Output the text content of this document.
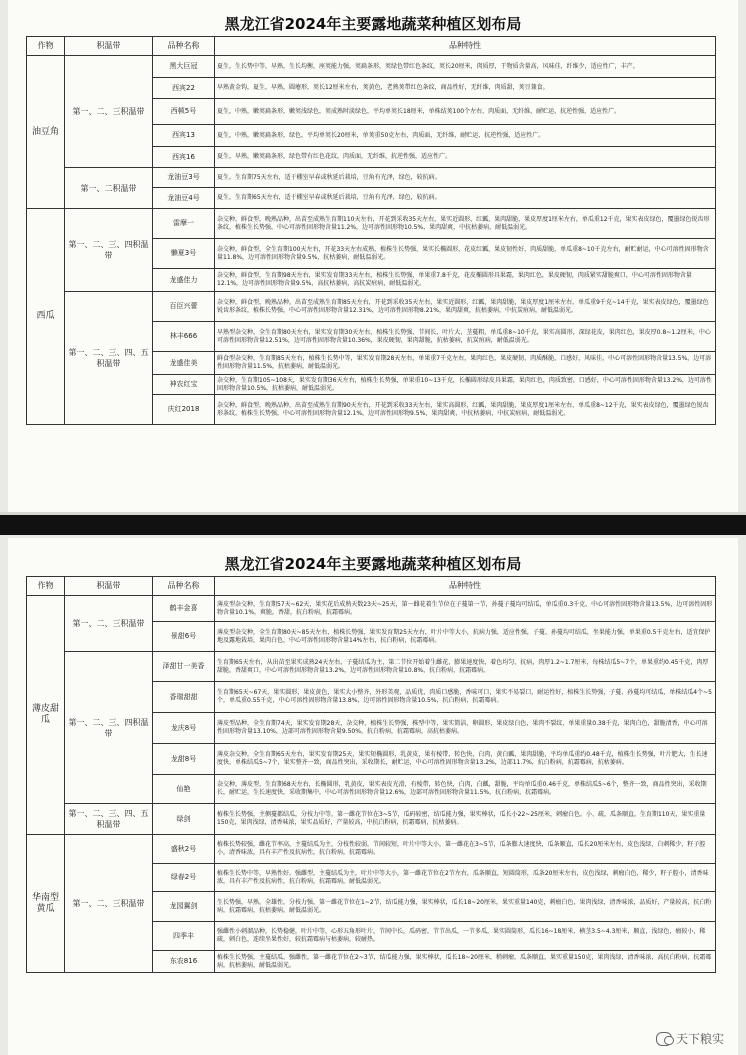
黑龙江省2024年主要露地蔬菜种植区划布局
作物	积温带	品种名称	品种特性
油豆角	第一、二、三积温带	黑大巨冠	夏生，生长势中等，早熟，生长均衡，座荚能力强，荚扁条形，荚绿色带红色条纹，荚长20厘米，肉质厚，干物质含量高，风味佳，纤维少，适应性广，丰产。
		西宾22	早熟黄金钩，夏生，早熟，圆瘪形，荚长12厘米左右，荚黄色，老熟荚带红色条纹，商品性好，无纤维，肉质甜，荚豆兼食。
		西顿5号	夏生，中熟，嫩荚扁条形，嫩荚浅绿色，荚成熟时淡绿色，平均单荚长18厘米，单株结荚100个左右，肉质面，无纤维，耐贮运，抗逆性强，适应性广。
		西宾13	夏生，中熟，嫩荚扁条形，绿色，平均单荚长20厘米，单荚重50克左右，肉质面，无纤维，耐贮运，抗逆性强，适应性广。
		西宾16	夏生，早熟，嫩荚扁条形，绿色带有红色花纹，肉质面，无纤维，抗逆性强，适应性广。
	第一、二积温带	龙油豆3号	夏生，生育期75天左右，适于棚室早春或秋延后栽培，豆角有光泽，绿色，较抗病。
		龙油豆4号	夏生，生育期65天左右，适于棚室早春或秋延后栽培，豆角有光泽，绿色，较抗病。
西瓜	第一、二、三、四积温带	雷摩一	杂交种，鲜食型，晚熟品种，出苗至成熟生育期110天左右，开花到采收35天左右，果实近圆形，红瓤，果肉甜脆，果皮厚度1厘米左右，单瓜重12千克，果实表皮绿色，覆墨绿色锐齿形条纹，植株生长势强，中心可溶性固形物含量11.2%，边可溶性固形物10.5%，果肉甜爽，中抗枯萎病，耐低温弱光。
		懒夏3号	杂交种，鲜食型，全生育期100天左右，开花33天左右成熟，植株生长势强，果实长椭圆形，花皮红瓤，果皮韧性好，肉质甜脆，单瓜重8~10千克左右，耐贮耐运，中心可溶性固形物含量11.8%，边可溶性固形物含量9.5%，抗枯萎病，耐低温弱光。
		龙盛佳力	杂交种，鲜食型，生育期98天左右，果实发育期33天左右，植株生长势强，单果重7.8千克，花皮椭圆形具果霜，果肉红色，果皮硬韧，肉质紧实甜脆爽口，中心可溶性固形物含量12.1%，边可溶性固形物含量9.5%，高抗枯萎病，高抗炭疽病，耐低温弱光。
	第一、二、三、四、五积温带	百臣兴蕾	杂交种，鲜食型，晚熟品种，出苗至成熟生育期85天左右，开花到采收35天左右，果实近圆形，红瓤，果肉甜脆，果皮厚度1厘米左右，单瓜重9千克~14千克，果实表皮绿色，覆墨绿色锐齿形条纹，植株长势强，中心可溶性固形物含量12.31%，边可溶性固形物8.21%，果肉甜爽，抗枯萎病，中抗炭疽病，耐低温弱光。
		林丰666	早熟型杂交种，全生育期80天左右，果实发育期30天左右，植株生长势强，节间长，叶片大，茎蔓粗，单瓜重8~10千克，果实高圆形，深绿花皮，果肉红色，果皮厚0.8~1.2厘米，中心可溶性固形物含量12.51%，边可溶性固形物含量10.36%，果皮硬韧，果肉甜脆，抗枯萎病，抗炭疽病，耐低温弱光。
		龙盛佳美	鲜食型杂交种，生育期85天左右，植株生长势中等，果实发育期28天左右，单果重7千克左右，果肉红色，果皮硬韧，肉质酥脆，口感好，风味佳，中心可溶性固形物含量13.5%，边可溶性固形物含量11.5%，抗枯萎病，耐低温弱光。
		神农红宝	杂交种，生育期105~108天，果实发育期36天左右，植株生长势强，单果重10~13千克，长椭圆形绿皮具果霜，果肉红色，肉质致密，口感好，中心可溶性固形物含量13.2%，边可溶性固形物含量10.5%，抗枯萎病，耐低温弱光。
		庆红2018	杂交种，鲜食型，晚熟品种，出苗至成熟生育期90天左右，开花到采收33天左右，果实高圆形，红瓤，果肉甜脆，果皮厚度1厘米左右，单瓜重8~12千克，果实表皮绿色，覆墨绿色锐齿形条纹，植株生长势强，中心可溶性固形物含量12.1%，边可溶性固形物9.5%，果肉甜爽，中抗枯萎病，中抗炭疽病，耐低温弱光。
黑龙江省2024年主要露地蔬菜种植区划布局
作物	积温带	品种名称	品种特性
薄皮甜瓜	第一、二、三积温带	鹤丰金喜	薄皮型杂交种，生育期57天~62天，果实花后成熟天数23天~25天，第一雌花着生节位在子蔓第一节，孙蔓子蔓均可结瓜，单瓜重0.3千克，中心可溶性固形物含量13.5%，边可溶性固形物含量10.1%，爽脆，香甜，抗白粉病，抗霜霉病。
		景甜6号	薄皮型杂交种，全生育期80天~85天左右，植株长势强，果实发育期25天左右，叶片中等大小，抗病力强，适应性强，子蔓、孙蔓均可结瓜，坐果能力强，单果重0.5千克左右，适宜保护地及露地栽培，果肉白色，中心可溶性固形物含量14%左右，抗白粉病，抗霜霉病。
	第一、二、三、四积温带	泽甜甘一美香	生育期65天左右，从出苗至果实成熟24天左右，子蔓结瓜为主，第二节位开始着生雌花，膨果速度快，着色均匀，抗病，肉厚1.2~1.7厘米，每株结瓜5~7个，单果重约0.45千克，肉厚甜脆，香甜爽口，中心可溶性固形物含量13.2%，边可溶性固形物含量10.8%，抗白粉病，抗霜霉病。
		香瑞甜甜	生育期65天~67天，果实圆形，果皮黄色，果实大小整齐，外形美观，品质优，肉质口感脆，香味可口，果实不易裂口，耐运性好，植株生长势强，子蔓、孙蔓均可结瓜，单株结瓜4个~5个，单瓜重0.55千克，中心可溶性固形物含量13.8%，边可溶性固形物含量10.5%，抗白粉病，抗霜霉病。
		龙庆8号	薄皮型品种，全生育期74天，果实发育期28天，杂交种，植株生长势强，株型中等，果实简洁，卵圆形，果皮绿白色，果肉不裂纹，单果重量0.38千克，果肉白色，甜脆清香，中心可溶性固形物含量13.10%，边部可溶性固形物含量9.50%，抗白粉病，抗霜霉病，高抗枯萎病。
		龙甜8号	薄皮杂交种，全生育期65天左右，果实发育期25天，果实短椭圆形，乳黄皮，果有棱带，转色快，白肉，黄白瓤，果肉甜脆，平均单瓜重约0.48千克，植株生长势强，叶片肥大，生长速度快，单株结瓜5~7个，果实整齐一致，商品性突出，采收期长，耐贮运，中心可溶性固形物含量13.2%，边部11.7%，抗白粉病，抗霜霉病，抗枯萎病。
		仙艳	杂交种，薄皮型，生育期68天左右，长椭圆形，乳黄皮，果实表皮光滑，有棱带，转色快，白肉，白瓤，甜脆，平均单瓜重0.46千克，单株结瓜5~6个，整齐一致，商品性突出，采收期长，耐贮运，生长速度快，采收期集中，中心可溶性固形物含量12.6%，边部可溶性固形物含量11.5%，抗白粉病，抗霜霉病。
	第一、二、三、四、五积温带	绿剑	植株生长势强，主侧蔓都结瓜，分枝力中等，第一雌花节位在3~5节，瓜码较密，结瓜能力强，果实棒状，瓜长小22~25厘米，刺瘤白色，小、疏，瓜条顺直，生育期110天，果实重量150克，果肉浅绿，清香味浓，果实品质好，产量较高，中抗白粉病，抗霜霉病，抗枯萎病。
华南型黄瓜	第一、二、三积温带	盛秋2号	植株长势较强，雌花节率高，主蔓结瓜为主，分枝性较弱，节间较短，叶片中等大小，第一雌花在3~5节，瓜条膨大速度快，瓜条顺直，瓜长20厘米左右，皮色浅绿，白刺稀少，籽子腔小，清香味浓，具有丰产性及抗病性，抗白粉病，抗霜霉病。
		绿春2号	植株生长势中等，早熟性好，强雌型，主蔓结瓜为主，叶片中等大小，第一雌花节位在2节左右，瓜条顺直，短圆筒形，瓜条20厘米左右，皮色浅绿，刺瘤白色，稀少，籽子腔小，清香味浓，具有丰产性及抗病性，抗白粉病，抗霜霉病，耐低温弱光。
		龙园翼剑	生长势强，早熟，全雄性，分枝力强，第一雌花节位在1~2节，结瓜能力强，果实棒状，瓜长18~20厘米，果实重量140克，刺瘤白色，果肉浅绿，清香味浓，品质好，产量较高，抗白粉病，抗霜霉病，抗枯萎病，耐低温弱光。
		四季丰	强雌性小刺溜品种，长势稳健，叶片中等，心形五角形叶片，节间中长，瓜码密，节节出瓜，一节多瓜，果实圆筒形，瓜长16~18厘米，横茎3.5~4.3厘米，顺直，浅绿色，瘤较小，稀疏，刺白色，连续坐果性好，较抗霜霉病与枯萎病，较耐热。
		东农816	植株生长势强，主蔓结瓜，强雌性，第一雌花节位在2~3节，结瓜能力强，果实棒状，瓜长18~20厘米，稍刺瘤，瓜条顺直，果实重量150克，果肉浅绿，清香味浓，高抗白粉病，抗霜霉病，抗枯萎病，耐低温弱光。
天下粮实
